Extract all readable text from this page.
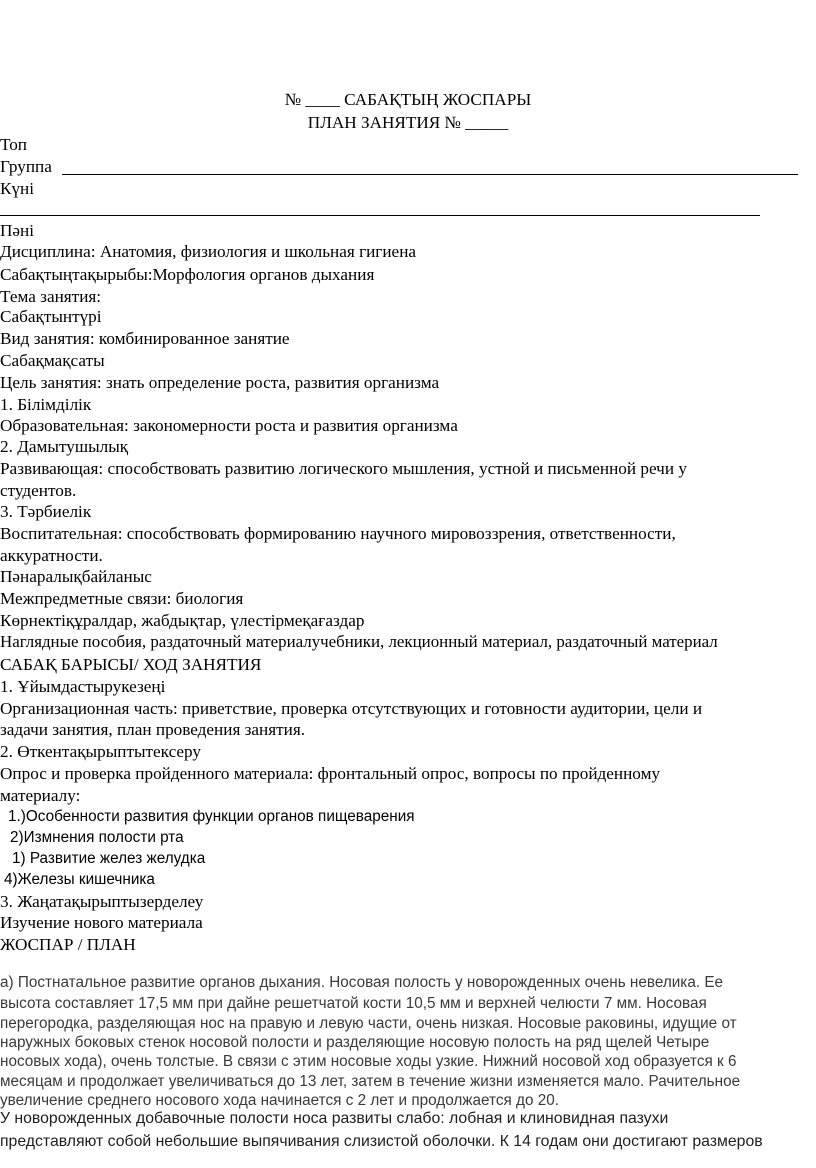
№ ____ САБАҚТЫҢ ЖОСПАРЫ
ПЛАН ЗАНЯТИЯ № _____
Топ
Группа
Күні
Пәні
Дисциплина: Анатомия, физиология и школьная гигиена
Сабақтыңтақырыбы:Морфология органов дыхания
Тема занятия:
Сабақтынтүрі
Вид занятия: комбинированное занятие
Сабақмақсаты
Цель занятия: знать определение роста, развития организма
1. Білімділік
Образовательная: закономерности роста и развития организма
2. Дамытушылық
Развивающая: способствовать развитию логического мышления, устной и письменной речи у
студентов.
3. Тәрбиелік
Воспитательная: способствовать формированию научного мировоззрения, ответственности,
аккуратности.
Пәнаралықбайланыс
Межпредметные связи: биология
Көрнектіқұралдар, жабдықтар, үлестірмеқағаздар
Наглядные пособия, раздаточный материалучебники, лекционный материал, раздаточный материал
САБАҚ БАРЫСЫ/ ХОД ЗАНЯТИЯ
1. Ұйымдастырукезеңі
Организационная часть: приветствие, проверка отсутствующих и готовности аудитории, цели и
задачи занятия, план проведения занятия.
2. Өткентақырыптытексеру
Опрос и проверка пройденного материала: фронтальный опрос, вопросы по пройденному
материалу:
1.)Особенности развития функции органов пищеварения
2)Измнения полости рта
1) Развитие желез желудка
4)Железы кишечника
3. Жаңатақырыптызерделеу
Изучение нового материала
ЖОСПАР / ПЛАН
а) Постнатальное развитие органов дыхания. Носовая полость у новорожденных очень невелика. Ее
высота составляет 17,5 мм при дайне решетчатой кости 10,5 мм и верхней челюсти 7 мм. Носовая
перегородка, разделяющая нос на правую и левую части, очень низкая. Носовые раковины, идущие от
наружных боковых стенок носовой полости и разделяющие носовую полость на ряд щелей Четыре
носовых хода), очень толстые. В связи с этим носовые ходы узкие. Нижний носовой ход образуется к 6
месяцам и продолжает увеличиваться до 13 лет, затем в течение жизни изменяется мало. Рачительное
увеличение среднего носового хода начинается с 2 лет и продолжается до 20.
У новорожденных добавочные полости носа развиты слабо: лобная и клиновидная пазухи
представляют собой небольшие выпячивания слизистой оболочки. К 14 годам они достигают размеров
